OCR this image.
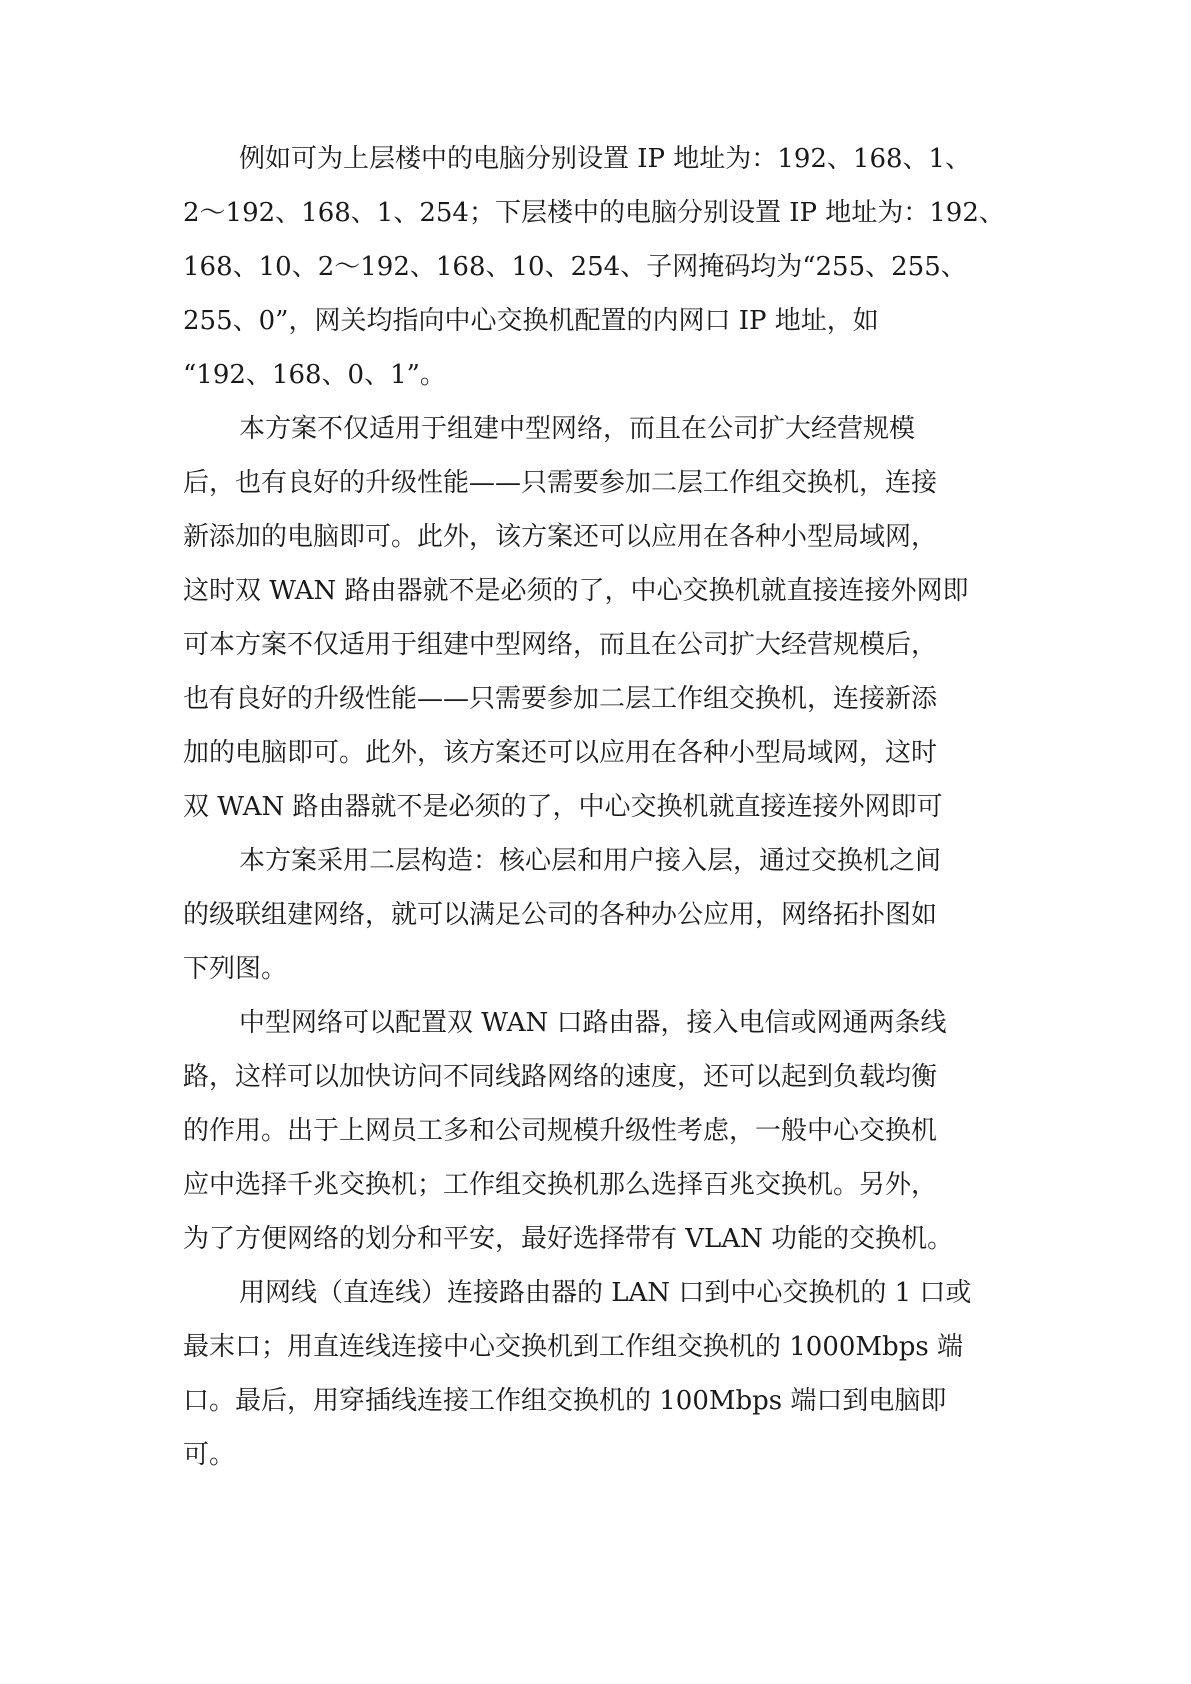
例如可为上层楼中的电脑分别设置 IP 地址为：192、168、1、
2～192、168、1、254；下层楼中的电脑分别设置 IP 地址为：192、
168、10、2～192、168、10、254、子网掩码均为“255、255、
255、0”，网关均指向中心交换机配置的内网口 IP 地址，如
“192、168、0、1”。
本方案不仅适用于组建中型网络，而且在公司扩大经营规模
后，也有良好的升级性能——只需要参加二层工作组交换机，连接
新添加的电脑即可。此外，该方案还可以应用在各种小型局域网，
这时双 WAN 路由器就不是必须的了，中心交换机就直接连接外网即
可本方案不仅适用于组建中型网络，而且在公司扩大经营规模后，
也有良好的升级性能——只需要参加二层工作组交换机，连接新添
加的电脑即可。此外，该方案还可以应用在各种小型局域网，这时
双 WAN 路由器就不是必须的了，中心交换机就直接连接外网即可
本方案采用二层构造：核心层和用户接入层，通过交换机之间
的级联组建网络，就可以满足公司的各种办公应用，网络拓扑图如
下列图。
中型网络可以配置双 WAN 口路由器，接入电信或网通两条线
路，这样可以加快访问不同线路网络的速度，还可以起到负载均衡
的作用。出于上网员工多和公司规模升级性考虑，一般中心交换机
应中选择千兆交换机；工作组交换机那么选择百兆交换机。另外，
为了方便网络的划分和平安，最好选择带有 VLAN 功能的交换机。
用网线（直连线）连接路由器的 LAN 口到中心交换机的 1 口或
最末口；用直连线连接中心交换机到工作组交换机的 1000Mbps 端
口。最后，用穿插线连接工作组交换机的 100Mbps 端口到电脑即
可。
